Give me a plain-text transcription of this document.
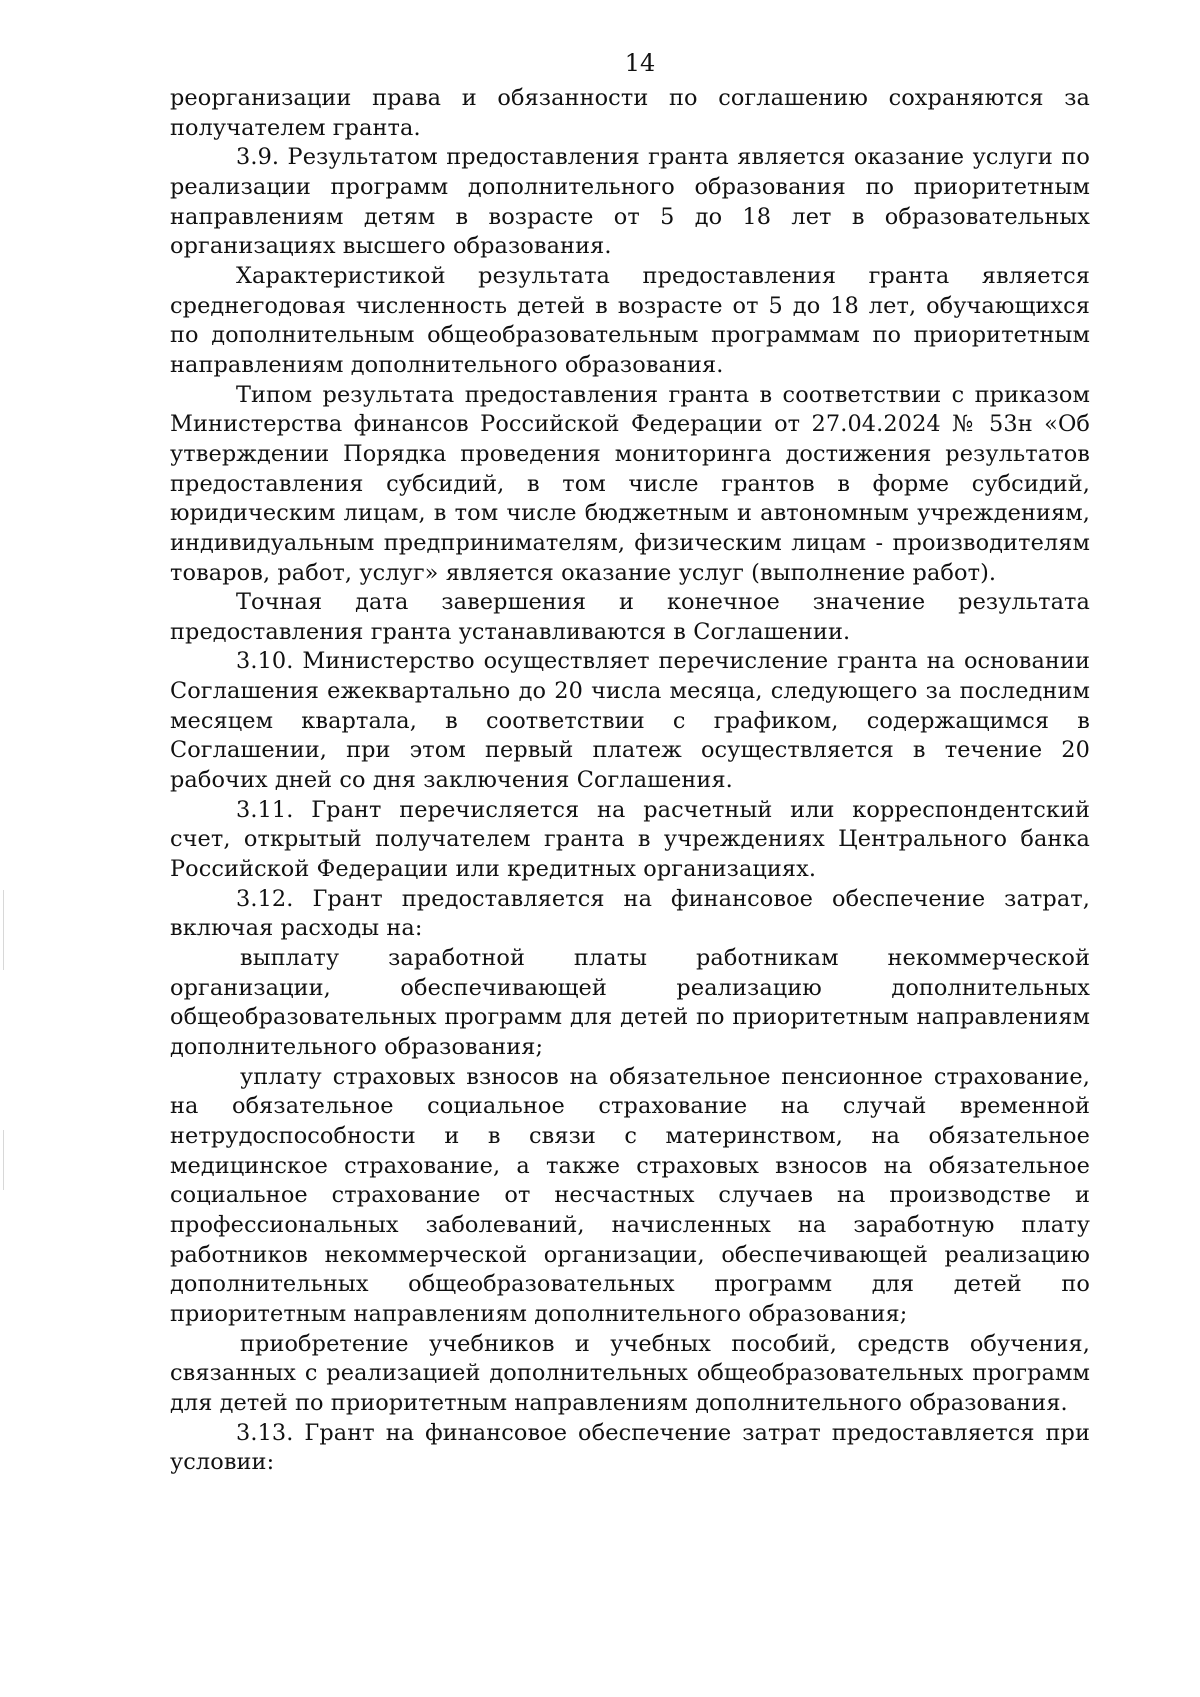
14

реорганизации права и обязанности по соглашению сохраняются за получателем гранта.

3.9. Результатом предоставления гранта является оказание услуги по реализации программ дополнительного образования по приоритетным направлениям детям в возрасте от 5 до 18 лет в образовательных организациях высшего образования.

Характеристикой результата предоставления гранта является среднегодовая численность детей в возрасте от 5 до 18 лет, обучающихся по дополнительным общеобразовательным программам по приоритетным направлениям дополнительного образования.

Типом результата предоставления гранта в соответствии с приказом Министерства финансов Российской Федерации от 27.04.2024 № 53н «Об утверждении Порядка проведения мониторинга достижения результатов предоставления субсидий, в том числе грантов в форме субсидий, юридическим лицам, в том числе бюджетным и автономным учреждениям, индивидуальным предпринимателям, физическим лицам - производителям товаров, работ, услуг» является оказание услуг (выполнение работ).

Точная дата завершения и конечное значение результата предоставления гранта устанавливаются в Соглашении.

3.10. Министерство осуществляет перечисление гранта на основании Соглашения ежеквартально до 20 числа месяца, следующего за последним месяцем квартала, в соответствии с графиком, содержащимся в Соглашении, при этом первый платеж осуществляется в течение 20 рабочих дней со дня заключения Соглашения.

3.11. Грант перечисляется на расчетный или корреспондентский счет, открытый получателем гранта в учреждениях Центрального банка Российской Федерации или кредитных организациях.

3.12. Грант предоставляется на финансовое обеспечение затрат, включая расходы на:

выплату заработной платы работникам некоммерческой организации, обеспечивающей реализацию дополнительных общеобразовательных программ для детей по приоритетным направлениям дополнительного образования;

уплату страховых взносов на обязательное пенсионное страхование, на обязательное социальное страхование на случай временной нетрудоспособности и в связи с материнством, на обязательное медицинское страхование, а также страховых взносов на обязательное социальное страхование от несчастных случаев на производстве и профессиональных заболеваний, начисленных на заработную плату работников некоммерческой организации, обеспечивающей реализацию дополнительных общеобразовательных программ для детей по приоритетным направлениям дополнительного образования;

приобретение учебников и учебных пособий, средств обучения, связанных с реализацией дополнительных общеобразовательных программ для детей по приоритетным направлениям дополнительного образования.

3.13. Грант на финансовое обеспечение затрат предоставляется при условии:
